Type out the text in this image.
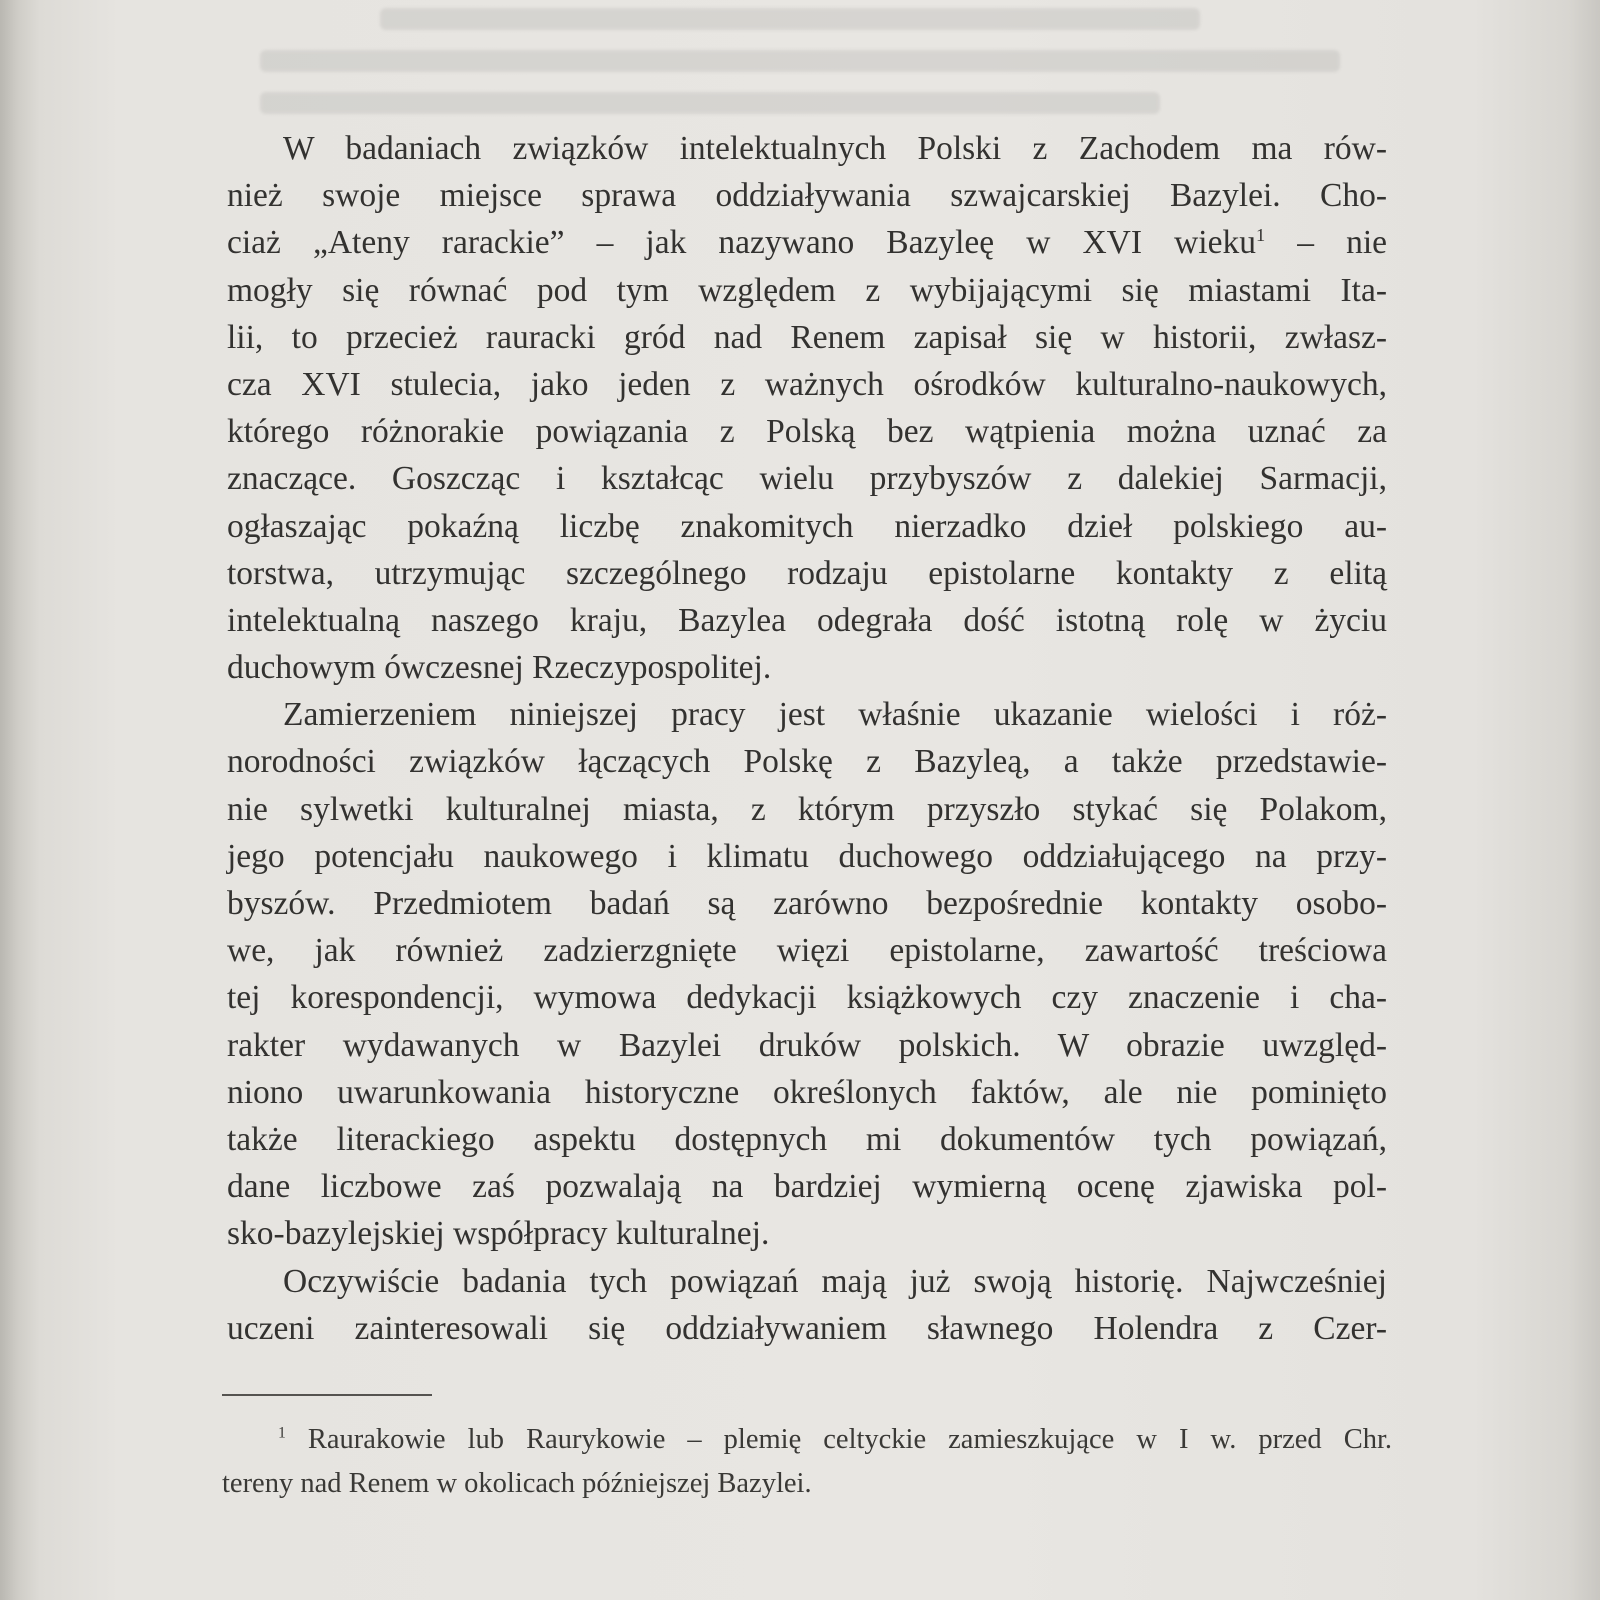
W badaniach związków intelektualnych Polski z Zachodem ma rów-
nież swoje miejsce sprawa oddziaływania szwajcarskiej Bazylei. Cho-
ciaż „Ateny rarackie” – jak nazywano Bazyleę w XVI wieku$^1$ – nie
mogły się równać pod tym względem z wybijającymi się miastami Ita-
lii, to przecież rauracki gród nad Renem zapisał się w historii, zwłasz-
cza XVI stulecia, jako jeden z ważnych ośrodków kulturalno-naukowych,
którego różnorakie powiązania z Polską bez wątpienia można uznać za
znaczące. Goszcząc i kształcąc wielu przybyszów z dalekiej Sarmacji,
ogłaszając pokaźną liczbę znakomitych nierzadko dzieł polskiego au-
torstwa, utrzymując szczególnego rodzaju epistolarne kontakty z elitą
intelektualną naszego kraju, Bazylea odegrała dość istotną rolę w życiu
duchowym ówczesnej Rzeczypospolitej.

Zamierzeniem niniejszej pracy jest właśnie ukazanie wielości i róż-
norodności związków łączących Polskę z Bazyleą, a także przedstawie-
nie sylwetki kulturalnej miasta, z którym przyszło stykać się Polakom,
jego potencjału naukowego i klimatu duchowego oddziałującego na przy-
byszów. Przedmiotem badań są zarówno bezpośrednie kontakty osobo-
we, jak również zadzierzgnięte więzi epistolarne, zawartość treściowa
tej korespondencji, wymowa dedykacji książkowych czy znaczenie i cha-
rakter wydawanych w Bazylei druków polskich. W obrazie uwzględ-
niono uwarunkowania historyczne określonych faktów, ale nie pominięto
także literackiego aspektu dostępnych mi dokumentów tych powiązań,
dane liczbowe zaś pozwalają na bardziej wymierną ocenę zjawiska pol-
sko-bazylejskiej współpracy kulturalnej.

Oczywiście badania tych powiązań mają już swoją historię. Najwcześniej
uczeni zainteresowali się oddziaływaniem sławnego Holendra z Czer-

$^1$ Raurakowie lub Raurykowie – plemię celtyckie zamieszkujące w I w. przed Chr.
tereny nad Renem w okolicach późniejszej Bazylei.
